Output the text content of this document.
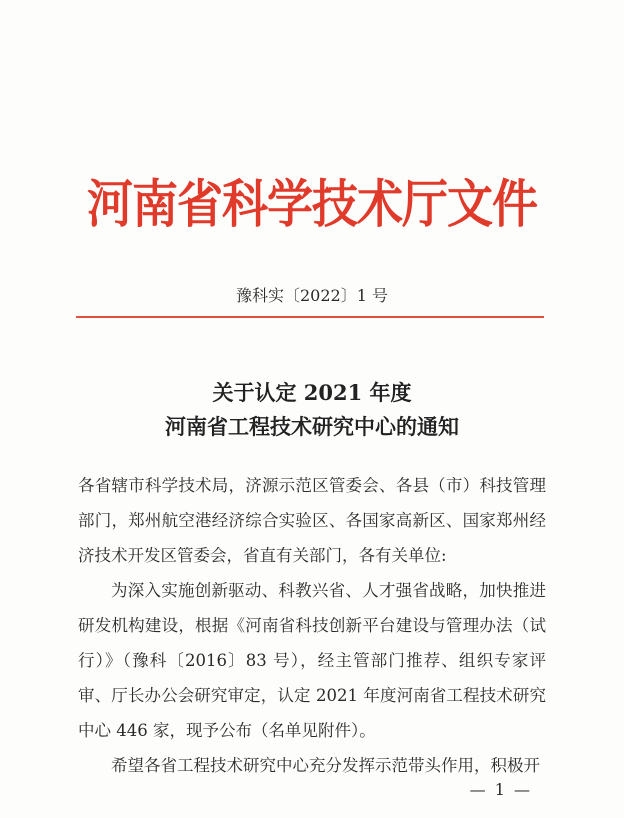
河南省科学技术厅文件
豫科实〔2022〕1 号
关于认定 2021 年度
河南省工程技术研究中心的通知

各省辖市科学技术局，济源示范区管委会、各县（市）科技管理部门，郑州航空港经济综合实验区、各国家高新区、国家郑州经济技术开发区管委会，省直有关部门，各有关单位:

为深入实施创新驱动、科教兴省、人才强省战略，加快推进研发机构建设，根据《河南省科技创新平台建设与管理办法（试行）》（豫科〔2016〕83 号），经主管部门推荐、组织专家评审、厅长办公会研究审定，认定 2021 年度河南省工程技术研究中心 446 家，现予公布（名单见附件）。

希望各省工程技术研究中心充分发挥示范带头作用，积极开

— 1 —
